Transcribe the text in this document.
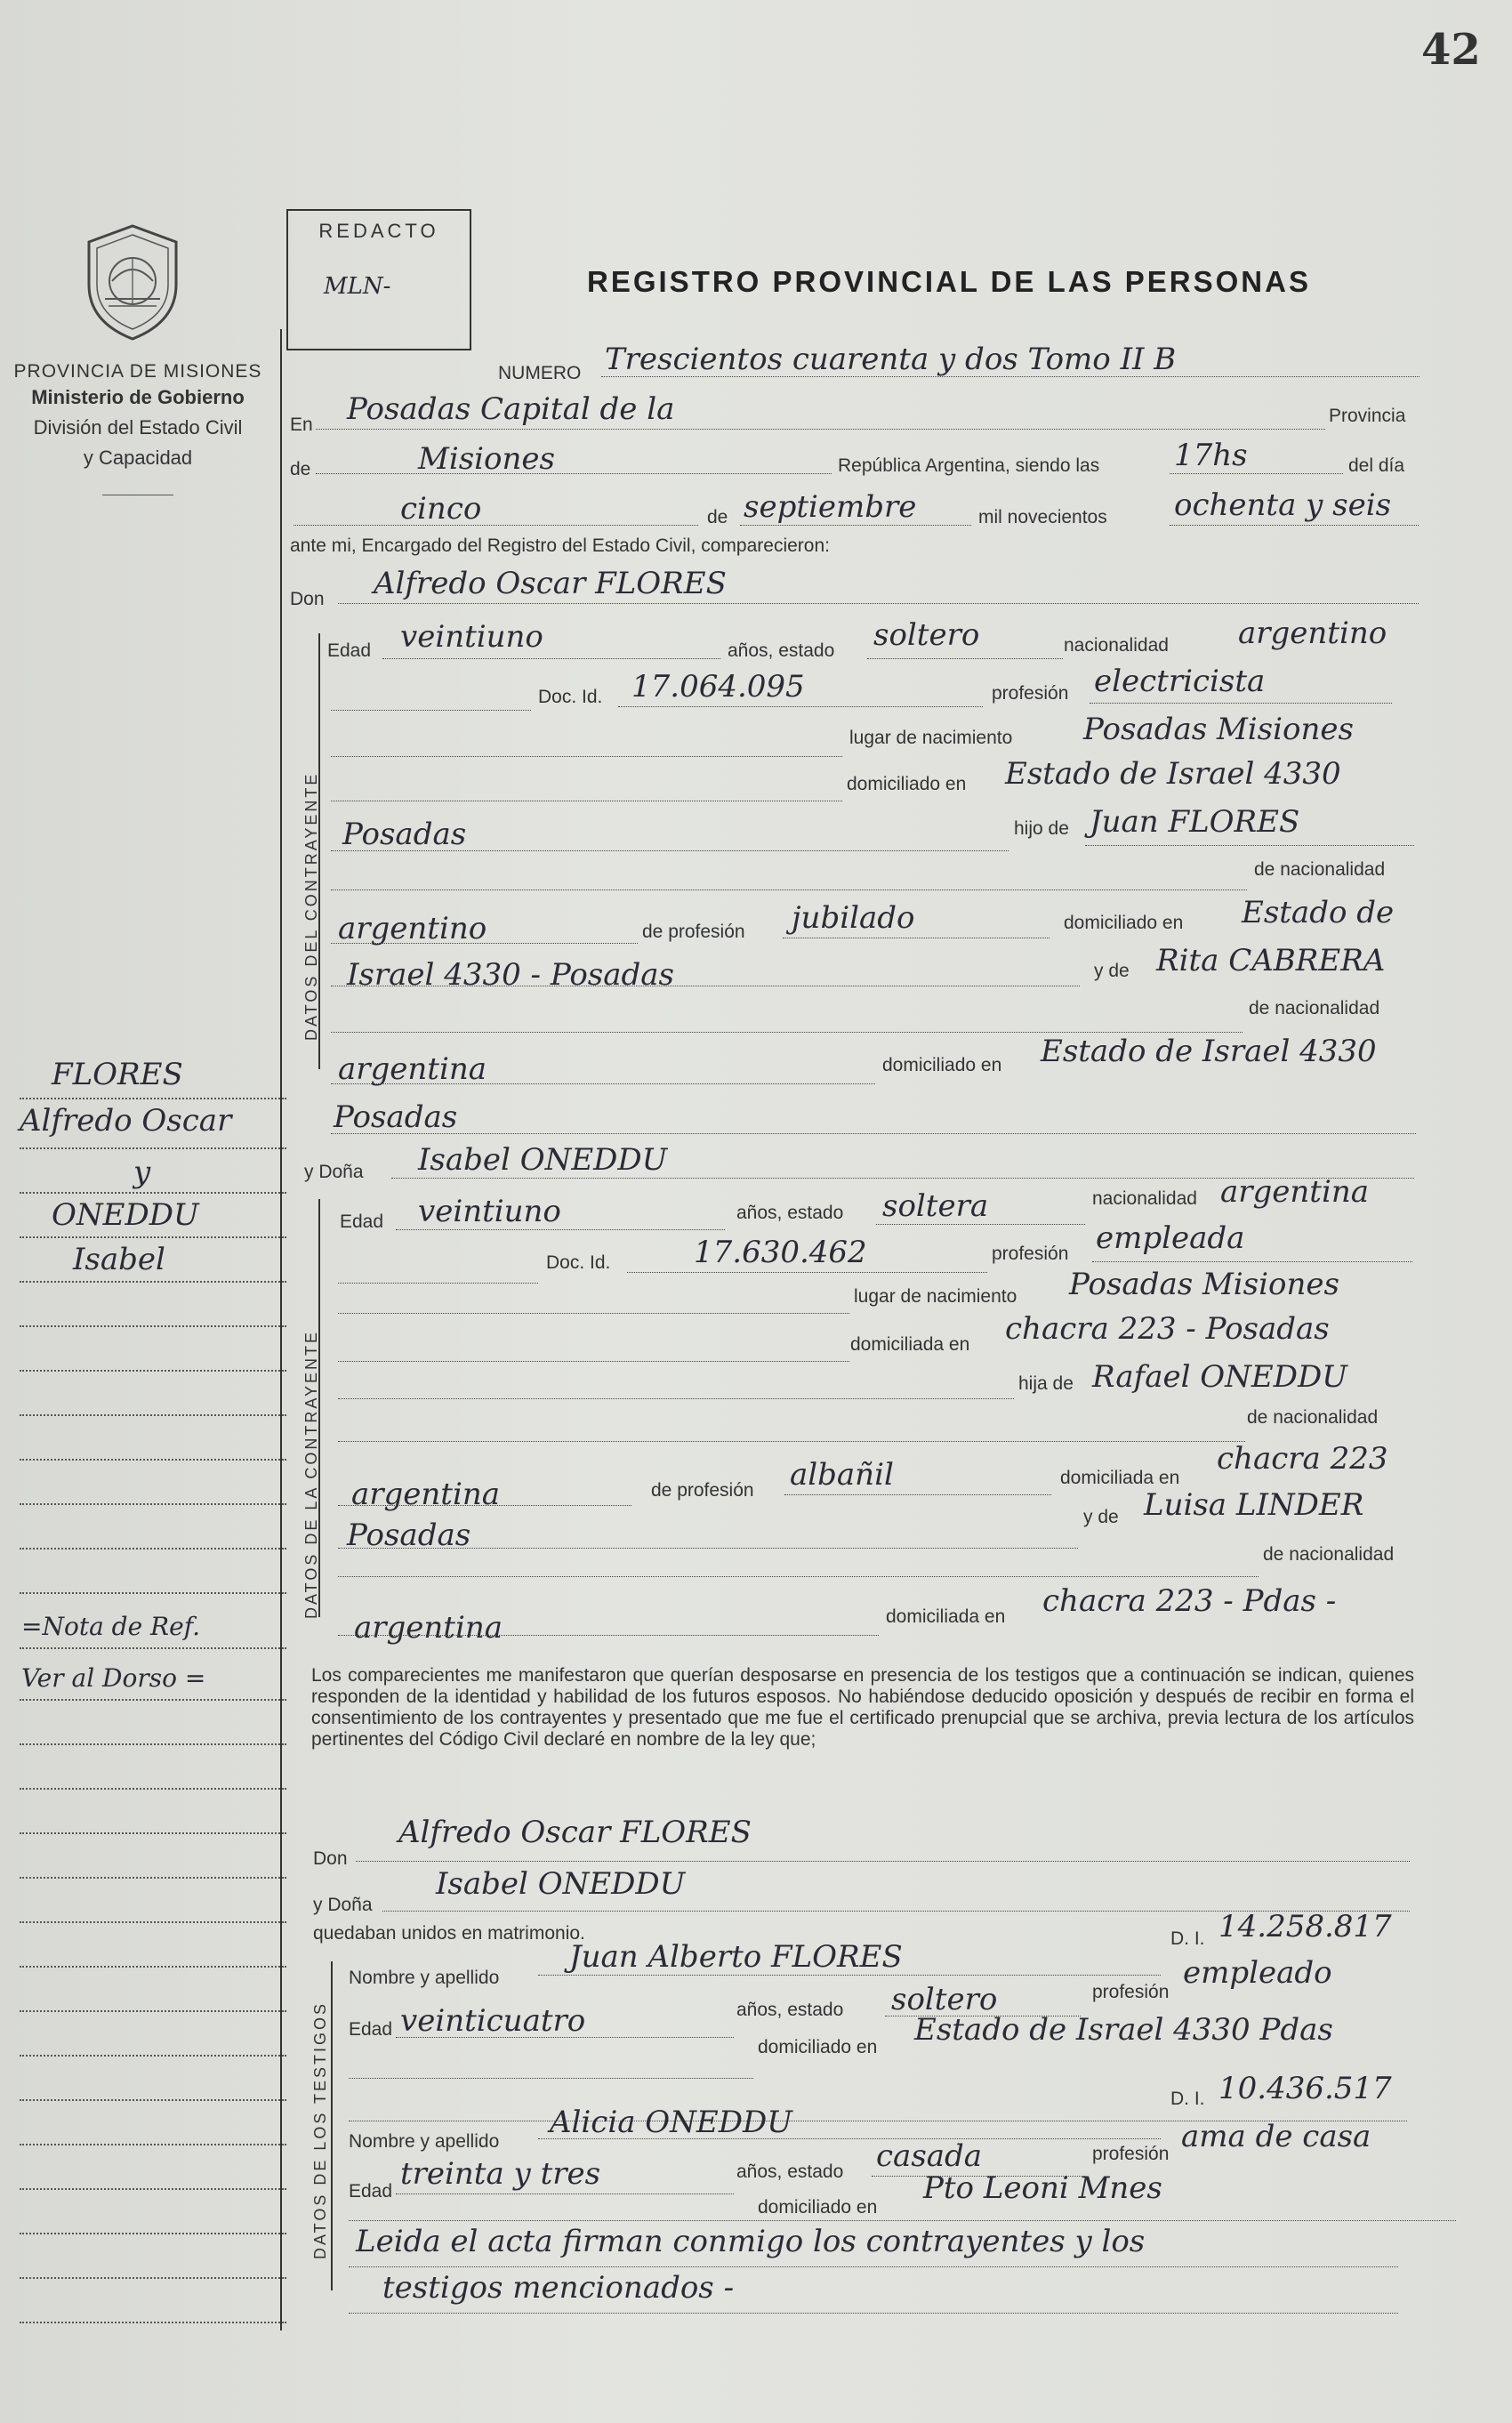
42
PROVINCIA DE MISIONES
Ministerio de Gobierno
División del Estado Civil
y Capacidad
REDACTO
MLN-	REGISTRO PROVINCIAL DE LAS PERSONAS
NUMERO Trescientos cuarenta y dos Tomo II B
En Posadas Capital de la	Provincia
de	Misiones	República Argentina, siendo las 17hs	del día
cinco	de septiembre	mil novecientos ochenta y seis
ante mi, Encargado del Registro del Estado Civil, comparecieron:
Don Alfredo Oscar FLORES
DATOS DEL CONTRAYENTE
Edad veintiuno	años, estado soltero	nacionalidad argentino
Doc. Id. 17.064.095	profesión electricista
lugar de nacimiento Posadas Misiones
domiciliado en Estado de Israel 4330
Posadas	hijo de Juan FLORES
de nacionalidad
argentino	de profesión jubilado	domiciliado en Estado de
Israel 4330 - Posadas	y de Rita CABRERA
de nacionalidad
argentina	domiciliado en Estado de Israel 4330
Posadas
y Doña Isabel ONEDDU
DATOS DE LA CONTRAYENTE
Edad veintiuno	años, estado soltera	nacionalidad argentina
Doc. Id.	17.630.462	profesión empleada
lugar de nacimiento Posadas Misiones
domiciliada en chacra 223 - Posadas
hija de Rafael ONEDDU
de nacionalidad
argentina	de profesión albañil	domiciliada en
chacra 223
Posadas
y de Luisa LINDER
de nacionalidad
argentina	domiciliada en chacra 223 - Pdas -
Los comparecientes me manifestaron que querían desposarse en presencia de los testigos que a continuación se indican, quienes responden de la identidad y habilidad de los futuros esposos. No habiéndose deducido oposición y después de recibir en forma el consentimiento de los contrayentes y presentado que me fue el certificado prenupcial que se archiva, previa lectura de los artículos pertinentes del Código Civil declaré en nombre de la ley que;
Don
Alfredo Oscar FLORES
y Doña
Isabel ONEDDU
quedaban unidos en matrimonio.
DATOS DE LOS TESTIGOS
Nombre y apellido
Juan Alberto FLORES
D. I. 14.258.817
Edad veinticuatro	años, estado soltero	profesión
empleado
domiciliado en Estado de Israel 4330 Pdas
Nombre y apellido
Alicia ONEDDU
D. I. 10.436.517
Edad treinta y tres	años, estado casada	profesión ama de casa
domiciliado en
Pto Leoni Mnes
Leida el acta firman conmigo los contrayentes y los
testigos mencionados -
FLORES
Alfredo Oscar
y
ONEDDU
Isabel
=Nota de Ref.
Ver al Dorso =
